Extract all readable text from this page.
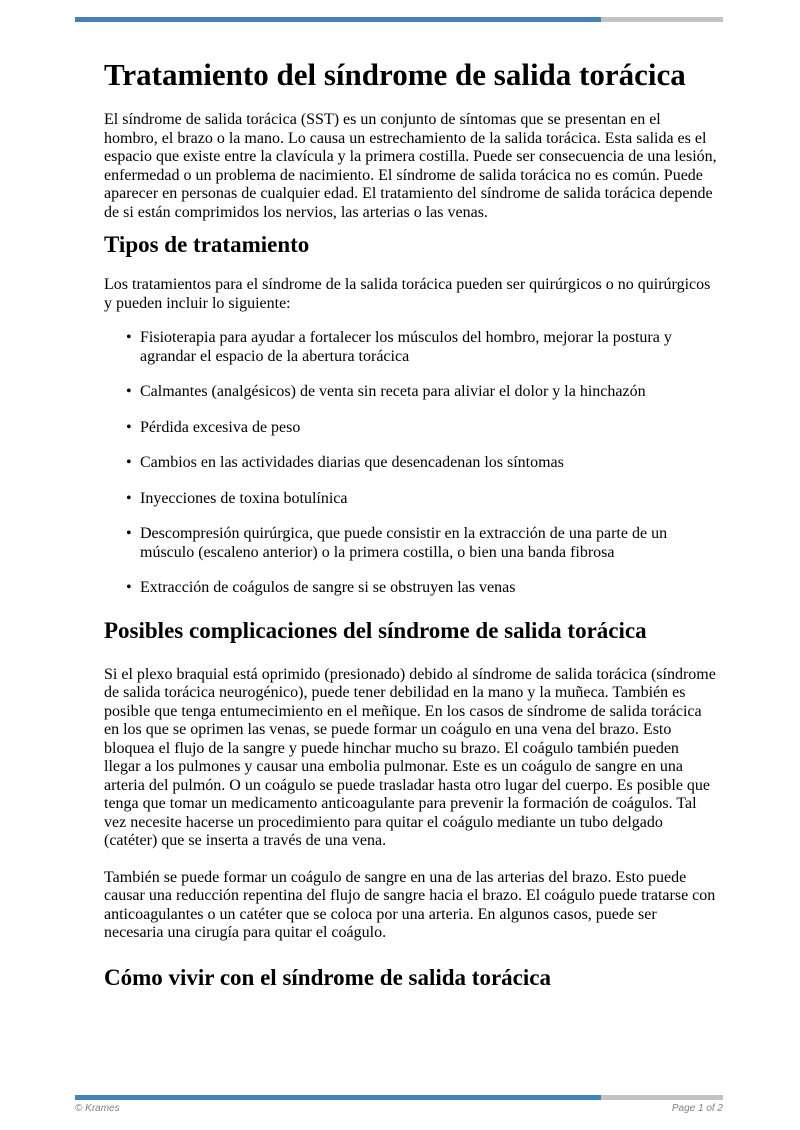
Tratamiento del síndrome de salida torácica

El síndrome de salida torácica (SST) es un conjunto de síntomas que se presentan en el hombro, el brazo o la mano. Lo causa un estrechamiento de la salida torácica. Esta salida es el espacio que existe entre la clavícula y la primera costilla. Puede ser consecuencia de una lesión, enfermedad o un problema de nacimiento. El síndrome de salida torácica no es común. Puede aparecer en personas de cualquier edad. El tratamiento del síndrome de salida torácica depende de si están comprimidos los nervios, las arterias o las venas.

Tipos de tratamiento

Los tratamientos para el síndrome de la salida torácica pueden ser quirúrgicos o no quirúrgicos y pueden incluir lo siguiente:

• Fisioterapia para ayudar a fortalecer los músculos del hombro, mejorar la postura y agrandar el espacio de la abertura torácica
• Calmantes (analgésicos) de venta sin receta para aliviar el dolor y la hinchazón
• Pérdida excesiva de peso
• Cambios en las actividades diarias que desencadenan los síntomas
• Inyecciones de toxina botulínica
• Descompresión quirúrgica, que puede consistir en la extracción de una parte de un músculo (escaleno anterior) o la primera costilla, o bien una banda fibrosa
• Extracción de coágulos de sangre si se obstruyen las venas
Posibles complicaciones del síndrome de salida torácica

Si el plexo braquial está oprimido (presionado) debido al síndrome de salida torácica (síndrome de salida torácica neurogénico), puede tener debilidad en la mano y la muñeca. También es posible que tenga entumecimiento en el meñique. En los casos de síndrome de salida torácica en los que se oprimen las venas, se puede formar un coágulo en una vena del brazo. Esto bloquea el flujo de la sangre y puede hinchar mucho su brazo. El coágulo también pueden llegar a los pulmones y causar una embolia pulmonar. Este es un coágulo de sangre en una arteria del pulmón. O un coágulo se puede trasladar hasta otro lugar del cuerpo. Es posible que tenga que tomar un medicamento anticoagulante para prevenir la formación de coágulos. Tal vez necesite hacerse un procedimiento para quitar el coágulo mediante un tubo delgado (catéter) que se inserta a través de una vena.

También se puede formar un coágulo de sangre en una de las arterias del brazo. Esto puede causar una reducción repentina del flujo de sangre hacia el brazo. El coágulo puede tratarse con anticoagulantes o un catéter que se coloca por una arteria. En algunos casos, puede ser necesaria una cirugía para quitar el coágulo.

Cómo vivir con el síndrome de salida torácica
© Krames	Page 1 of 2
